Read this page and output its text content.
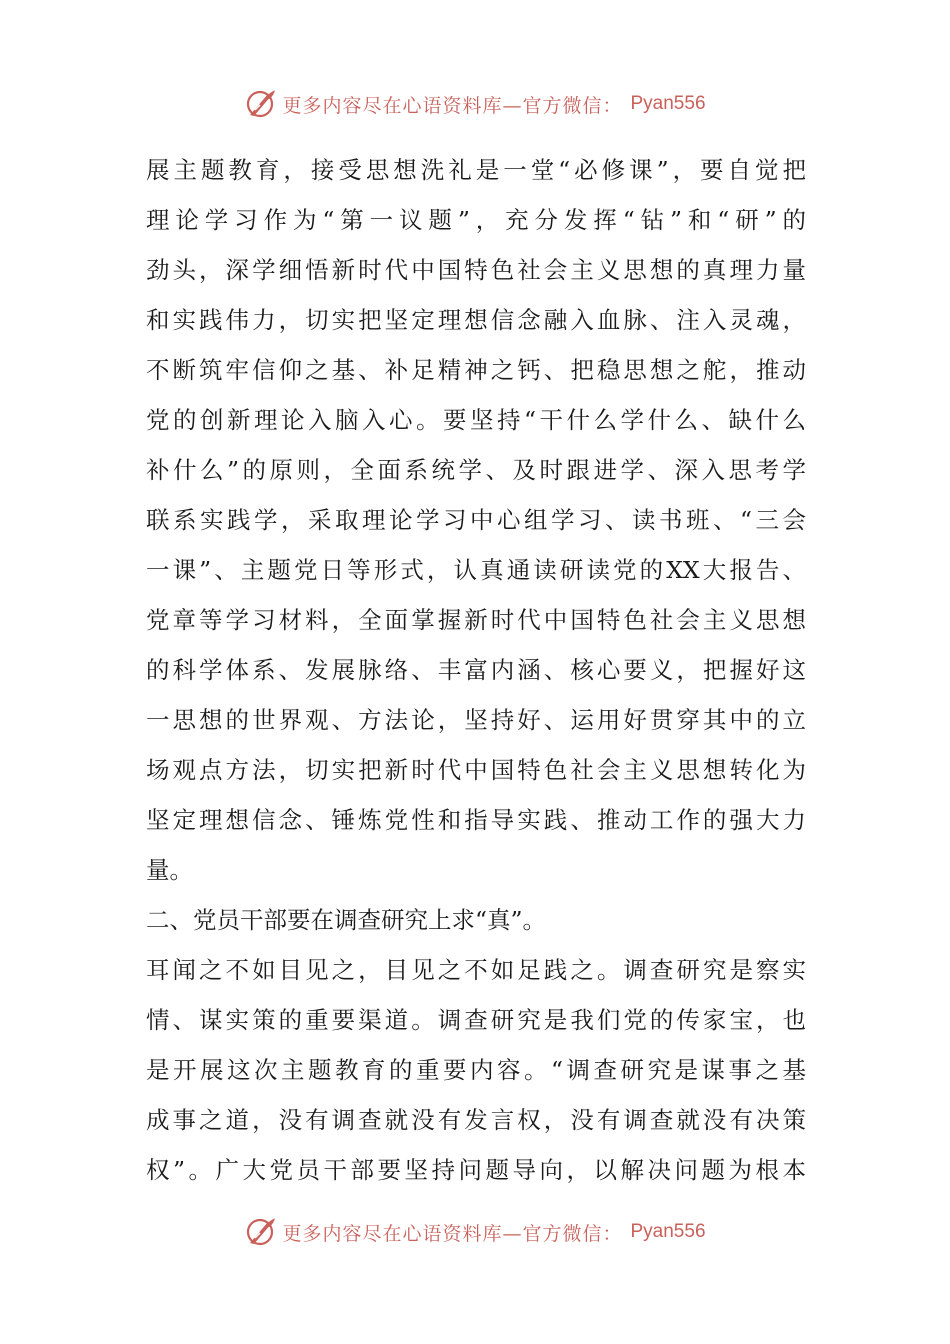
更多内容尽在心语资料库—官方微信： Pyan556
展主题教育，接受思想洗礼是一堂“必修课”，要自觉把
理论学习作为“第一议题”，充分发挥“钻”和“研”的
劲头，深学细悟新时代中国特色社会主义思想的真理力量
和实践伟力，切实把坚定理想信念融入血脉、注入灵魂，
不断筑牢信仰之基、补足精神之钙、把稳思想之舵，推动
党的创新理论入脑入心。要坚持“干什么学什么、缺什么
补什么”的原则，全面系统学、及时跟进学、深入思考学
联系实践学，采取理论学习中心组学习、读书班、“三会
一课”、主题党日等形式，认真通读研读党的XX大报告、
党章等学习材料，全面掌握新时代中国特色社会主义思想
的科学体系、发展脉络、丰富内涵、核心要义，把握好这
一思想的世界观、方法论，坚持好、运用好贯穿其中的立
场观点方法，切实把新时代中国特色社会主义思想转化为
坚定理想信念、锤炼党性和指导实践、推动工作的强大力
量。
二、党员干部要在调查研究上求“真”。
耳闻之不如目见之，目见之不如足践之。调查研究是察实
情、谋实策的重要渠道。调查研究是我们党的传家宝，也
是开展这次主题教育的重要内容。“调查研究是谋事之基
成事之道，没有调查就没有发言权，没有调查就没有决策
权”。广大党员干部要坚持问题导向，以解决问题为根本
更多内容尽在心语资料库—官方微信： Pyan556
